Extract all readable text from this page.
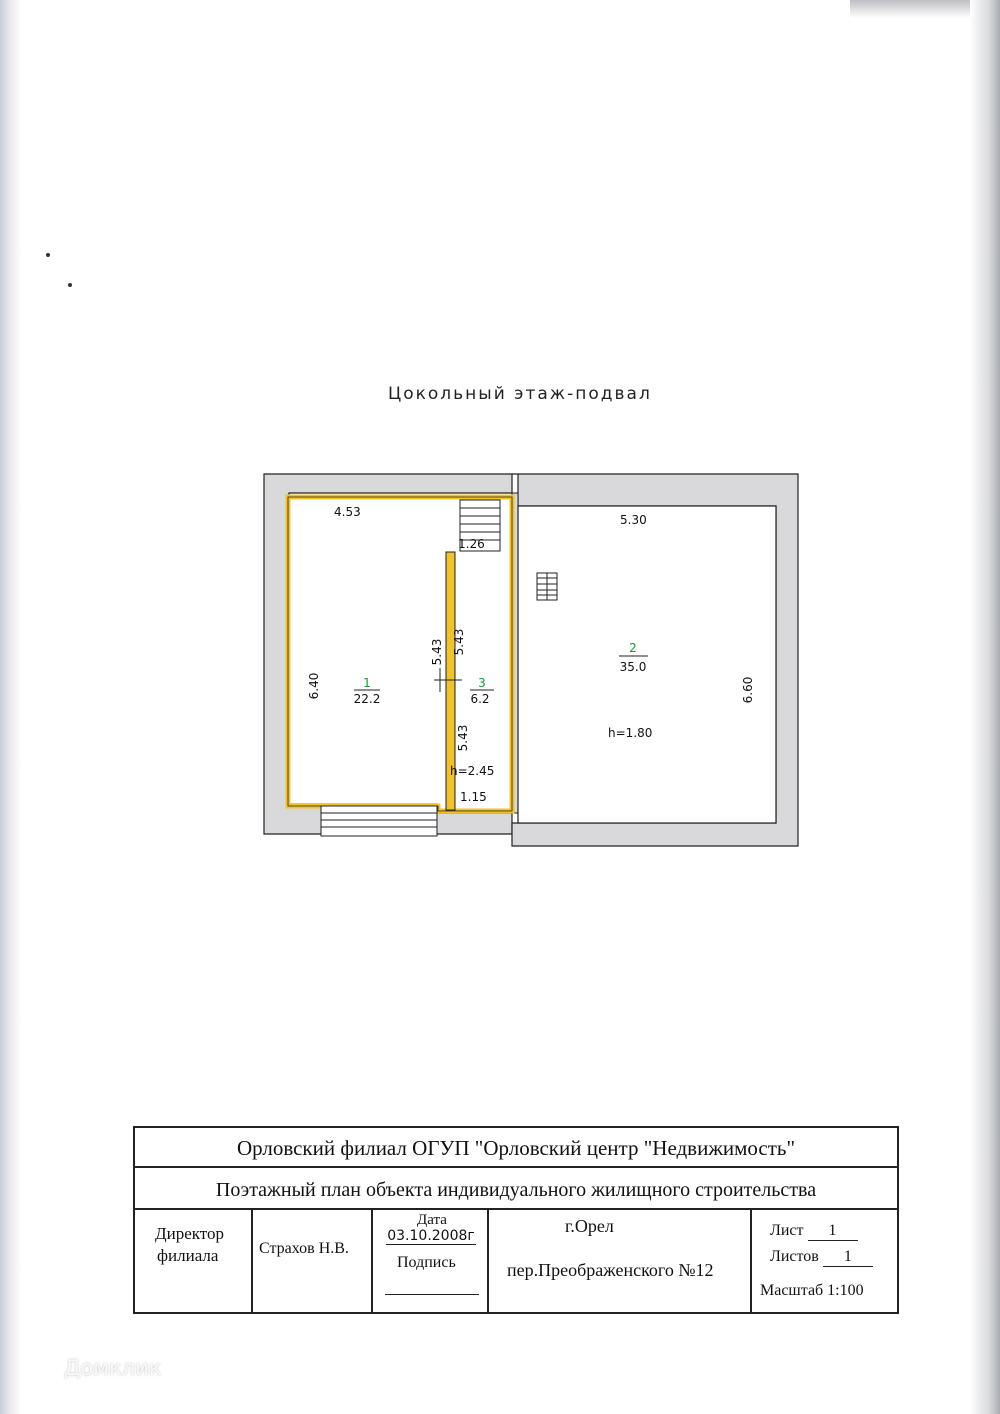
Цокольный этаж-подвал
4.53
1.26
6.40
5.43 5.43
5.43
1.15
5.30
6.60
1
22.2
3
6.2
2
35.0
h=2.45
h=1.80
Орловский филиал ОГУП "Орловский центр "Недвижимость"
Поэтажный план объекта индивидуального жилищного строительства
Директор
филиала	Страхов Н.В.
Дата
03.10.2008г
Подпись
г.Орел
пер.Преображенского №12
Лист 1
Листов 1
Масштаб 1:100
Домклик
